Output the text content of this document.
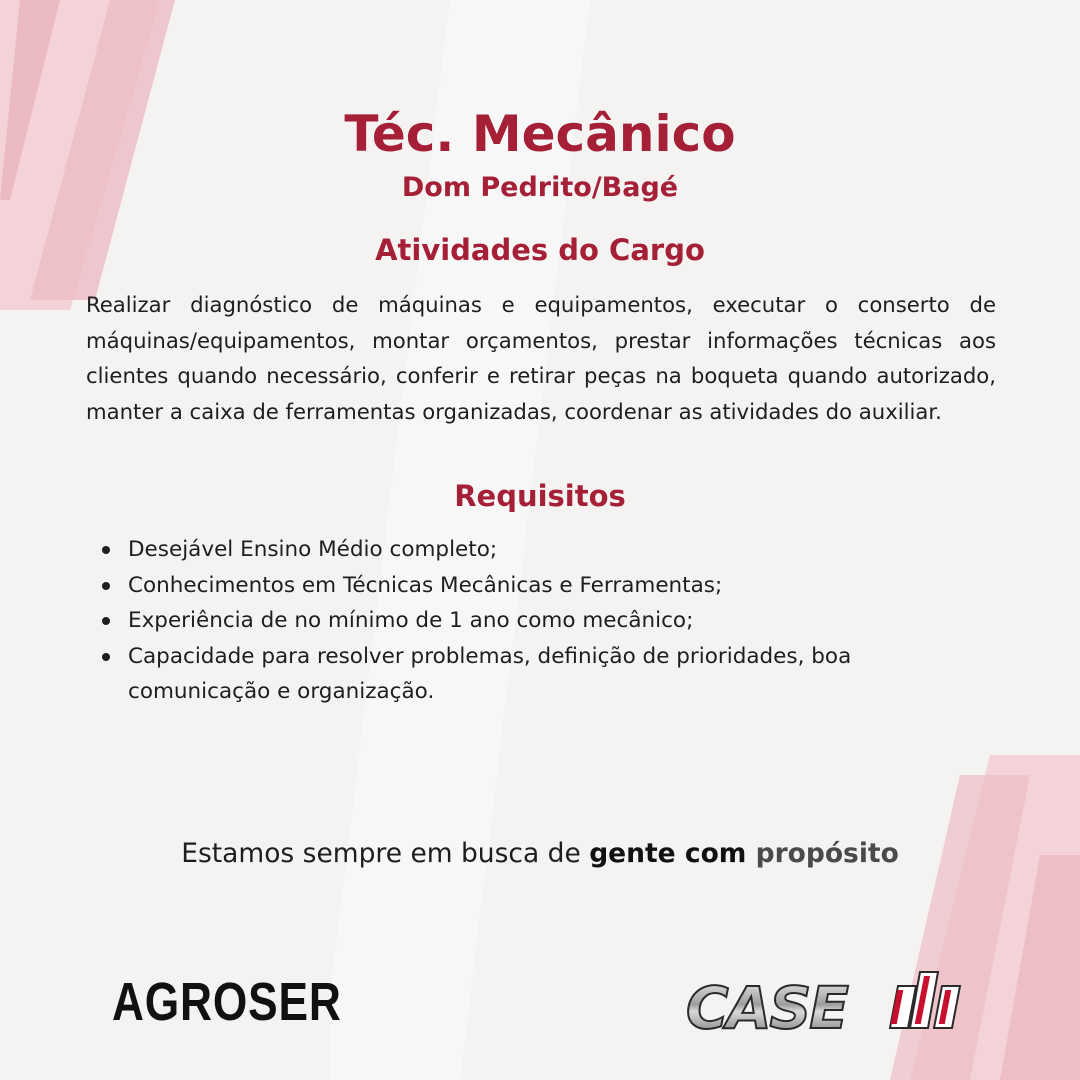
Téc. Mecânico
Dom Pedrito/Bagé
Atividades do Cargo

Realizar diagnóstico de máquinas e equipamentos, executar o conserto de máquinas/equipamentos, montar orçamentos, prestar informações técnicas aos clientes quando necessário, conferir e retirar peças na boqueta quando autorizado, manter a caixa de ferramentas organizadas, coordenar as atividades do auxiliar.

Requisitos
Desejável Ensino Médio completo;
Conhecimentos em Técnicas Mecânicas e Ferramentas;
Experiência de no mínimo de 1 ano como mecânico;
Capacidade para resolver problemas, definição de prioridades, boa comunicação e organização.

Estamos sempre em busca de gente com propósito

AGROSER	CASE
